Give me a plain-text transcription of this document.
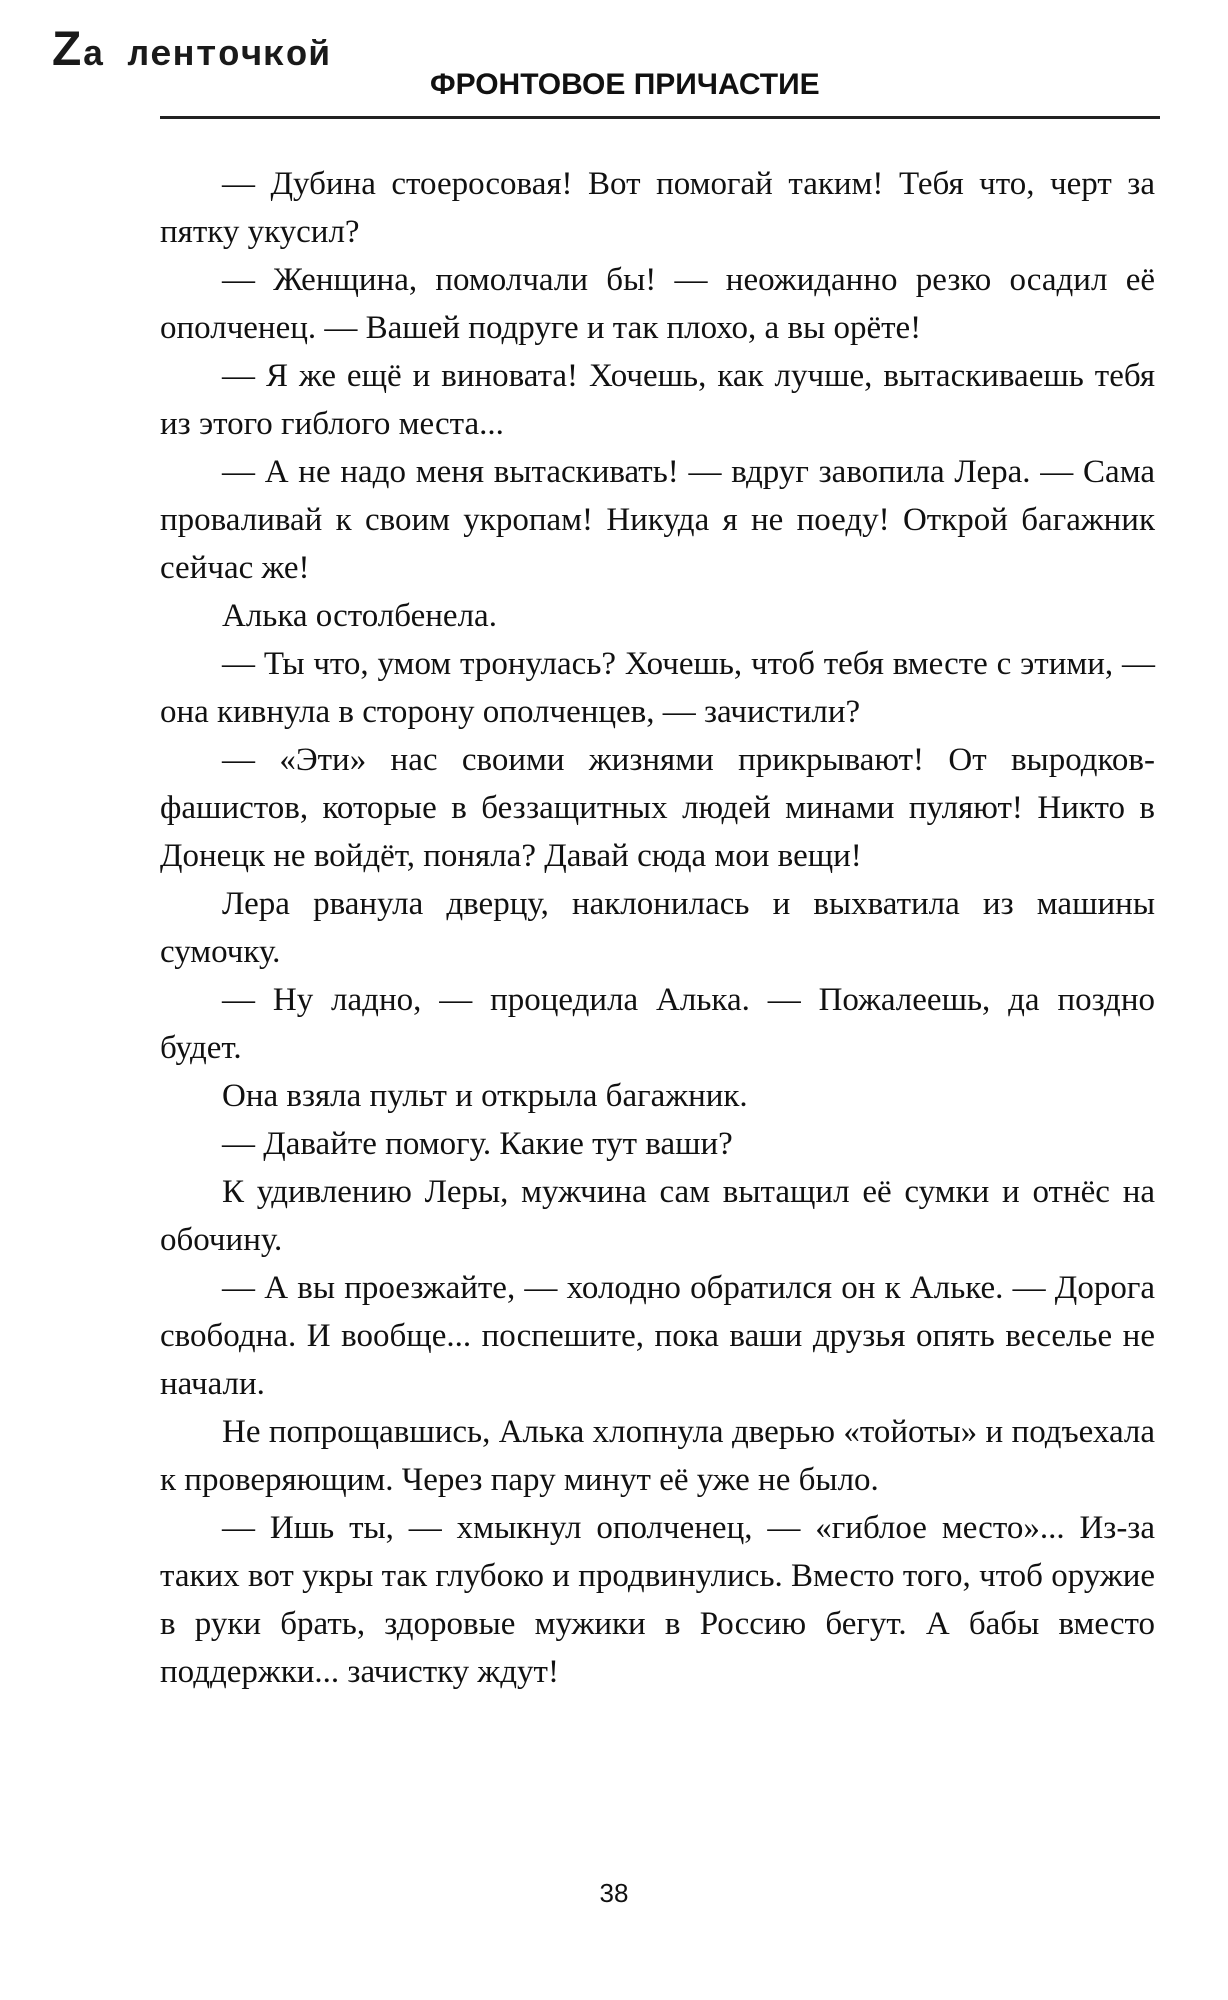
Zа ленточкой
ФРОНТОВОЕ ПРИЧАСТИЕ

— Дубина стоеросовая! Вот помогай таким! Тебя что, черт за пятку укусил?

— Женщина, помолчали бы! — неожиданно резко осадил её ополченец. — Вашей подруге и так плохо, а вы орёте!

— Я же ещё и виновата! Хочешь, как лучше, вытаскиваешь тебя из этого гиблого места...

— А не надо меня вытаскивать! — вдруг завопила Лера. — Сама проваливай к своим укропам! Никуда я не поеду! Открой багажник сейчас же!

Алька остолбенела.

— Ты что, умом тронулась? Хочешь, чтоб тебя вместе с этими, — она кивнула в сторону ополченцев, — зачистили?

— «Эти» нас своими жизнями прикрывают! От выродков-фашистов, которые в беззащитных людей минами пуляют! Никто в Донецк не войдёт, поняла? Давай сюда мои вещи!

Лера рванула дверцу, наклонилась и выхватила из машины сумочку.

— Ну ладно, — процедила Алька. — Пожалеешь, да поздно будет.

Она взяла пульт и открыла багажник.

— Давайте помогу. Какие тут ваши?

К удивлению Леры, мужчина сам вытащил её сумки и отнёс на обочину.

— А вы проезжайте, — холодно обратился он к Альке. — Дорога свободна. И вообще... поспешите, пока ваши друзья опять веселье не начали.

Не попрощавшись, Алька хлопнула дверью «тойоты» и подъехала к проверяющим. Через пару минут её уже не было.

— Ишь ты, — хмыкнул ополченец, — «гиблое место»... Из-за таких вот укры так глубоко и продвинулись. Вместо того, чтоб оружие в руки брать, здоровые мужики в Россию бегут. А бабы вместо поддержки... зачистку ждут!

38
